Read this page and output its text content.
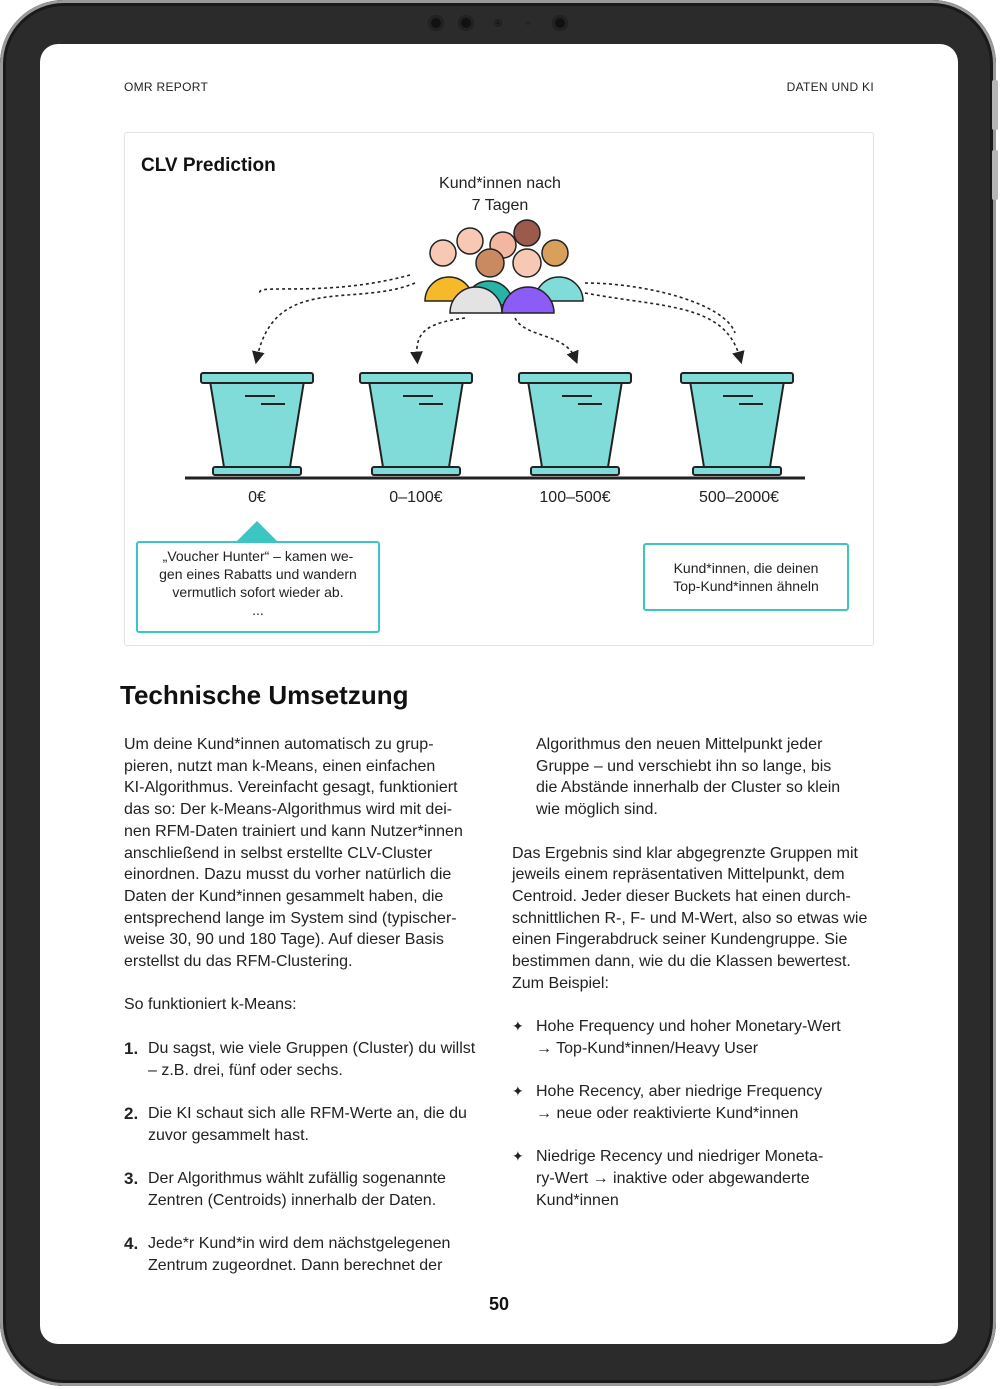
OMR REPORT	DATEN UND KI
CLV Prediction
Kund*innen nach
7 Tagen
0€	0–100€	100–500€	500–2000€
„Voucher Hunter“ – kamen we-
gen eines Rabatts und wandern
vermutlich sofort wieder ab.
...
Kund*innen, die deinen
Top-Kund*innen ähneln
Technische Umsetzung

Um deine Kund*innen automatisch zu grup-
pieren, nutzt man k-Means, einen einfachen
KI-Algorithmus. Vereinfacht gesagt, funktioniert
das so: Der k-Means-Algorithmus wird mit dei-
nen RFM-Daten trainiert und kann Nutzer*innen
anschließend in selbst erstellte CLV-Cluster
einordnen. Dazu musst du vorher natürlich die
Daten der Kund*innen gesammelt haben, die
entsprechend lange im System sind (typischer-
weise 30, 90 und 180 Tage). Auf dieser Basis
erstellst du das RFM-Clustering.

So funktioniert k-Means:

1. Du sagst, wie viele Gruppen (Cluster) du willst
– z.B. drei, fünf oder sechs.
2. Die KI schaut sich alle RFM-Werte an, die du
zuvor gesammelt hast.
3. Der Algorithmus wählt zufällig sogenannte
Zentren (Centroids) innerhalb der Daten.
4. Jede*r Kund*in wird dem nächstgelegenen
Zentrum zugeordnet. Dann berechnet der

Algorithmus den neuen Mittelpunkt jeder
Gruppe – und verschiebt ihn so lange, bis
die Abstände innerhalb der Cluster so klein
wie möglich sind.

Das Ergebnis sind klar abgegrenzte Gruppen mit
jeweils einem repräsentativen Mittelpunkt, dem
Centroid. Jeder dieser Buckets hat einen durch-
schnittlichen R-, F- und M-Wert, also so etwas wie
einen Fingerabdruck seiner Kundengruppe. Sie
bestimmen dann, wie du die Klassen bewertest.
Zum Beispiel:

✦ Hohe Frequency und hoher Monetary-Wert
→ Top-Kund*innen/Heavy User
✦ Hohe Recency, aber niedrige Frequency
→ neue oder reaktivierte Kund*innen
✦ Niedrige Recency und niedriger Moneta-
ry-Wert → inaktive oder abgewanderte
Kund*innen
50
